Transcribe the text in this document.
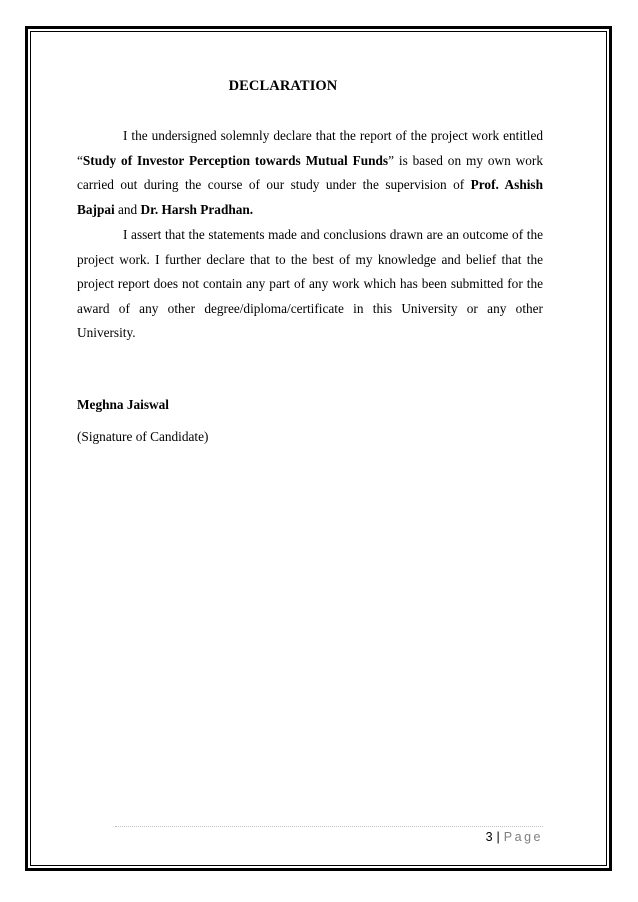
DECLARATION
I the undersigned solemnly declare that the report of the project work entitled “Study of Investor Perception towards Mutual Funds” is based on my own work carried out during the course of our study under the supervision of Prof. Ashish Bajpai and Dr. Harsh Pradhan.
I assert that the statements made and conclusions drawn are an outcome of the project work. I further declare that to the best of my knowledge and belief that the project report does not contain any part of any work which has been submitted for the award of any other degree/diploma/certificate in this University or any other University.
Meghna Jaiswal
(Signature of Candidate)
3 | Page
